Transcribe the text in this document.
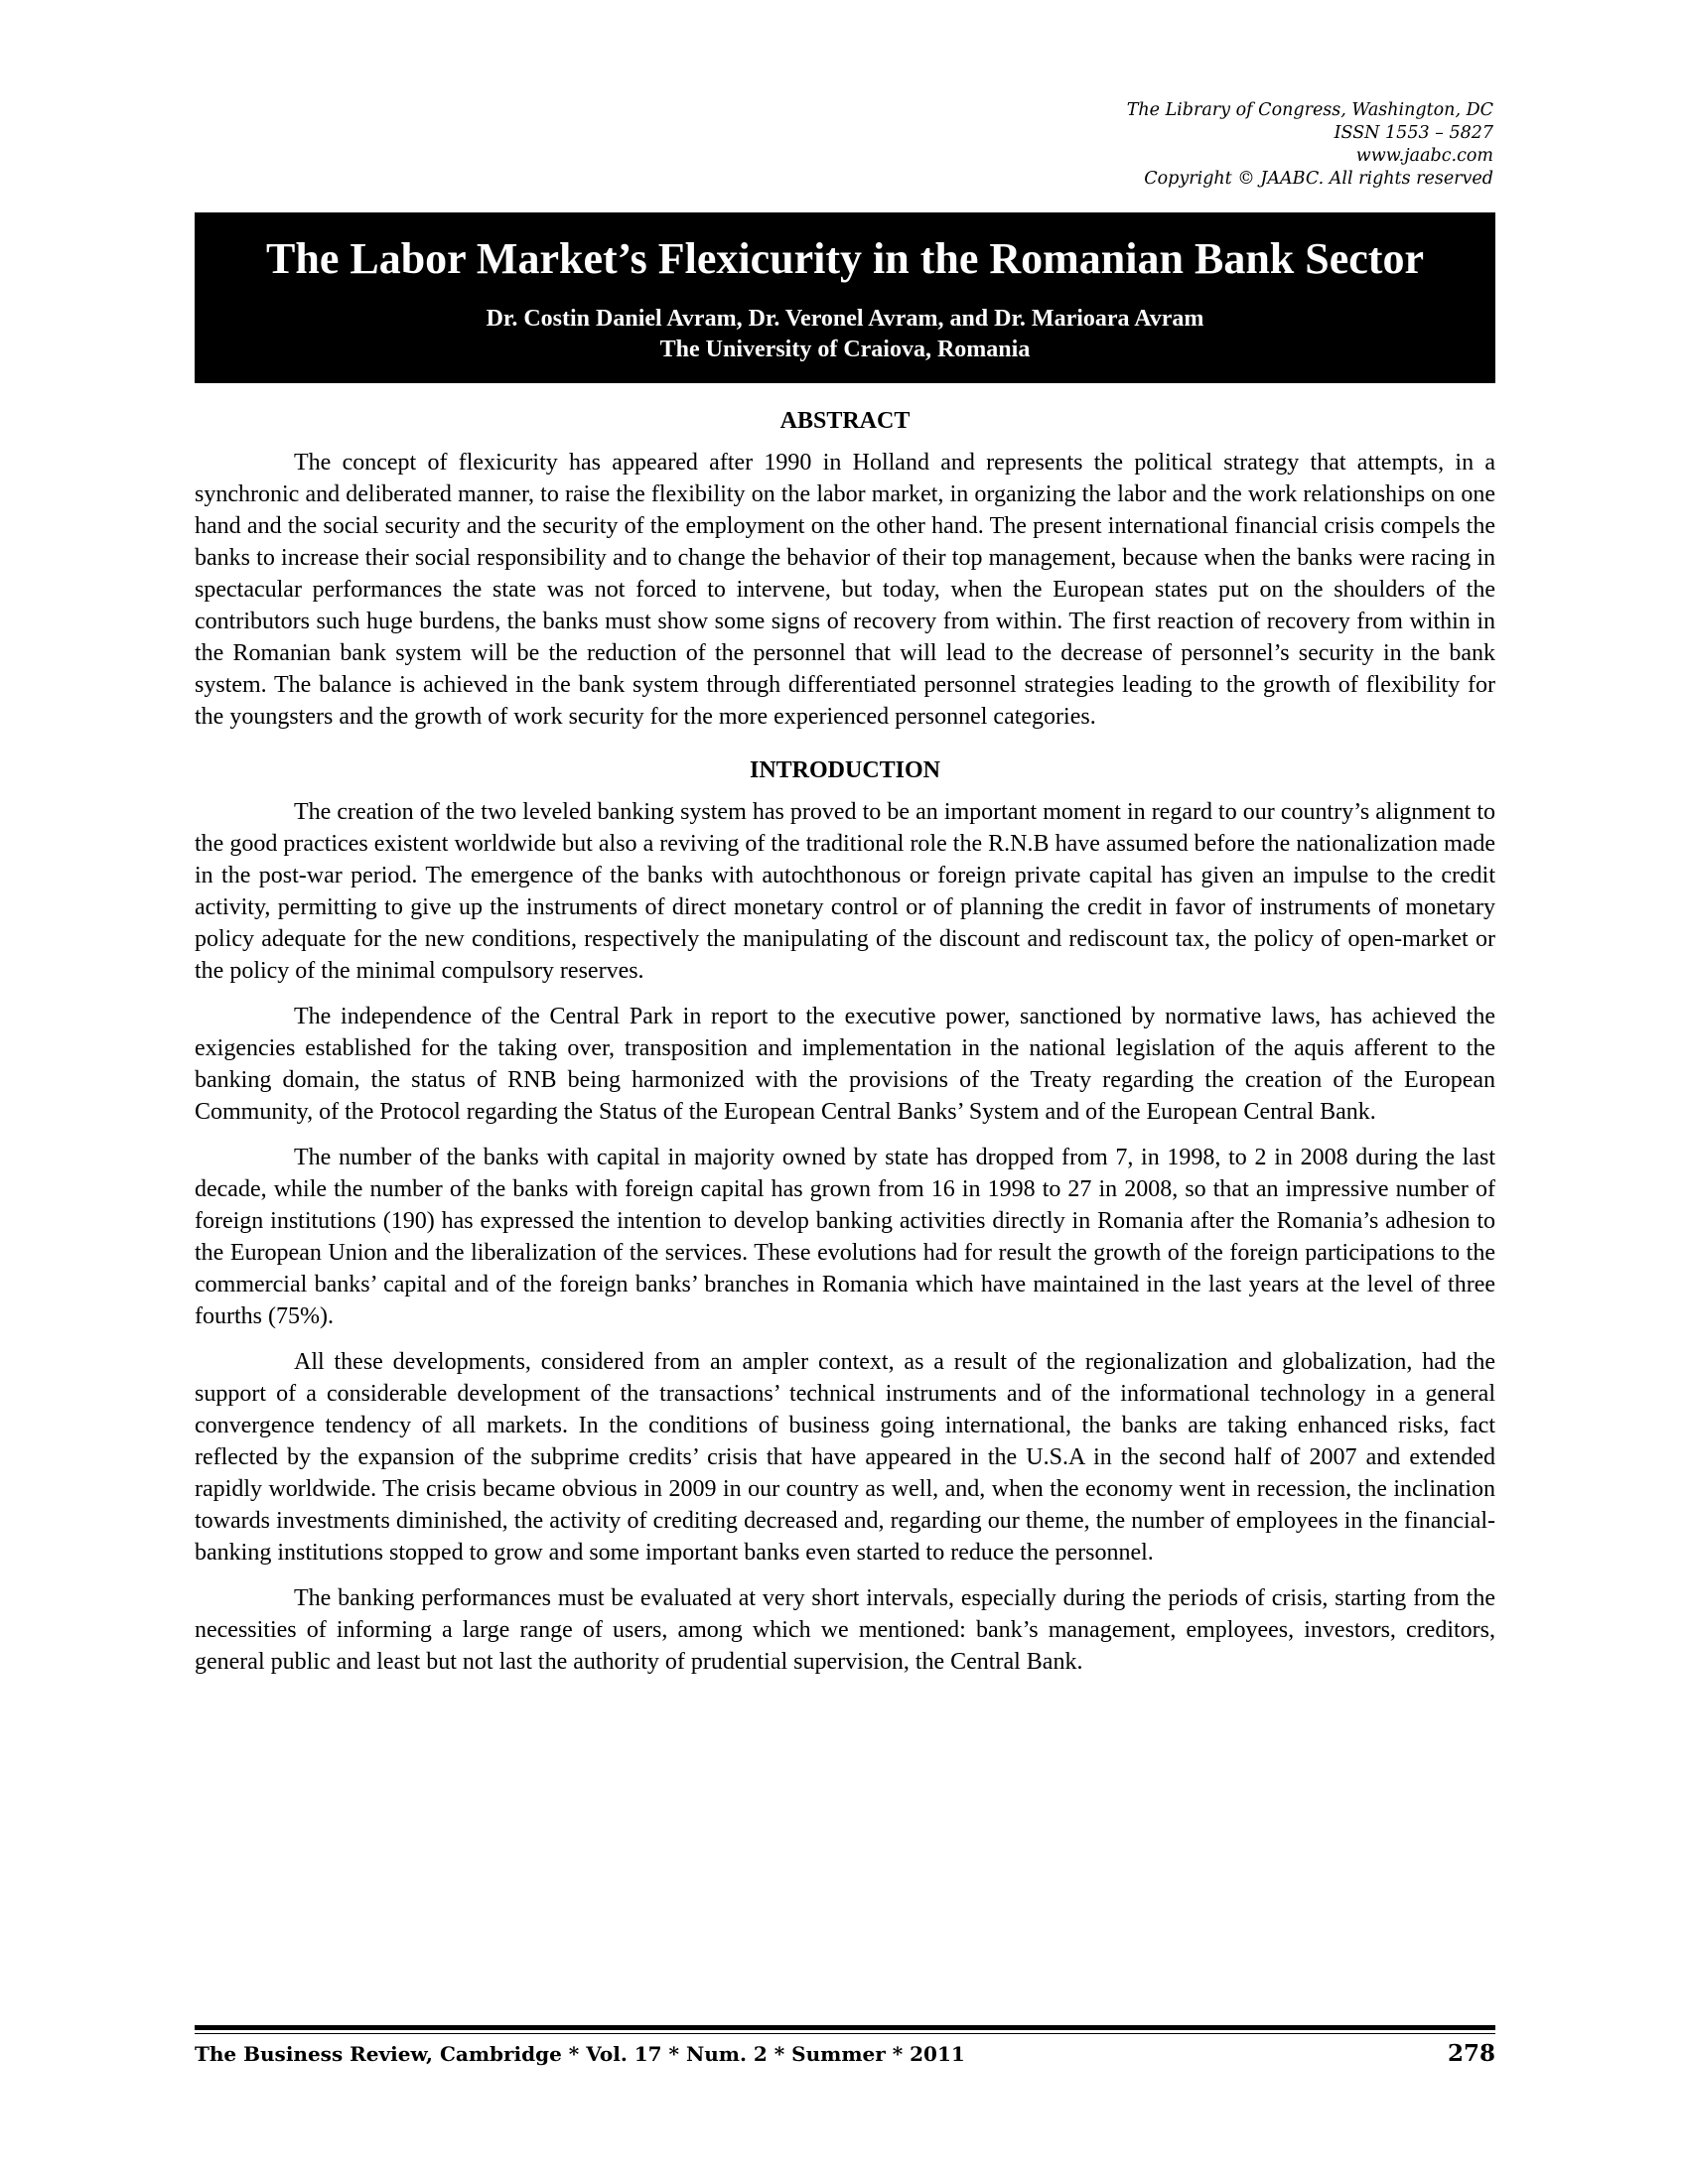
The Library of Congress, Washington, DC
ISSN 1553 – 5827
www.jaabc.com
Copyright © JAABC. All rights reserved
The Labor Market’s Flexicurity in the Romanian Bank Sector
Dr. Costin Daniel Avram, Dr. Veronel Avram, and Dr. Marioara Avram
The University of Craiova, Romania
ABSTRACT

The concept of flexicurity has appeared after 1990 in Holland and represents the political strategy that attempts, in a synchronic and deliberated manner, to raise the flexibility on the labor market, in organizing the labor and the work relationships on one hand and the social security and the security of the employment on the other hand. The present international financial crisis compels the banks to increase their social responsibility and to change the behavior of their top management, because when the banks were racing in spectacular performances the state was not forced to intervene, but today, when the European states put on the shoulders of the contributors such huge burdens, the banks must show some signs of recovery from within. The first reaction of recovery from within in the Romanian bank system will be the reduction of the personnel that will lead to the decrease of personnel’s security in the bank system. The balance is achieved in the bank system through differentiated personnel strategies leading to the growth of flexibility for the youngsters and the growth of work security for the more experienced personnel categories.

INTRODUCTION

The creation of the two leveled banking system has proved to be an important moment in regard to our country’s alignment to the good practices existent worldwide but also a reviving of the traditional role the R.N.B have assumed before the nationalization made in the post-war period. The emergence of the banks with autochthonous or foreign private capital has given an impulse to the credit activity, permitting to give up the instruments of direct monetary control or of planning the credit in favor of instruments of monetary policy adequate for the new conditions, respectively the manipulating of the discount and rediscount tax, the policy of open-market or the policy of the minimal compulsory reserves.

The independence of the Central Park in report to the executive power, sanctioned by normative laws, has achieved the exigencies established for the taking over, transposition and implementation in the national legislation of the aquis afferent to the banking domain, the status of RNB being harmonized with the provisions of the Treaty regarding the creation of the European Community, of the Protocol regarding the Status of the European Central Banks’ System and of the European Central Bank.

The number of the banks with capital in majority owned by state has dropped from 7, in 1998, to 2 in 2008 during the last decade, while the number of the banks with foreign capital has grown from 16 in 1998 to 27 in 2008, so that an impressive number of foreign institutions (190) has expressed the intention to develop banking activities directly in Romania after the Romania’s adhesion to the European Union and the liberalization of the services. These evolutions had for result the growth of the foreign participations to the commercial banks’ capital and of the foreign banks’ branches in Romania which have maintained in the last years at the level of three fourths (75%).

All these developments, considered from an ampler context, as a result of the regionalization and globalization, had the support of a considerable development of the transactions’ technical instruments and of the informational technology in a general convergence tendency of all markets. In the conditions of business going international, the banks are taking enhanced risks, fact reflected by the expansion of the subprime credits’ crisis that have appeared in the U.S.A in the second half of 2007 and extended rapidly worldwide. The crisis became obvious in 2009 in our country as well, and, when the economy went in recession, the inclination towards investments diminished, the activity of crediting decreased and, regarding our theme, the number of employees in the financial-banking institutions stopped to grow and some important banks even started to reduce the personnel.

The banking performances must be evaluated at very short intervals, especially during the periods of crisis, starting from the necessities of informing a large range of users, among which we mentioned: bank’s management, employees, investors, creditors, general public and least but not last the authority of prudential supervision, the Central Bank.

The Business Review, Cambridge * Vol. 17 * Num. 2 * Summer * 2011	278
